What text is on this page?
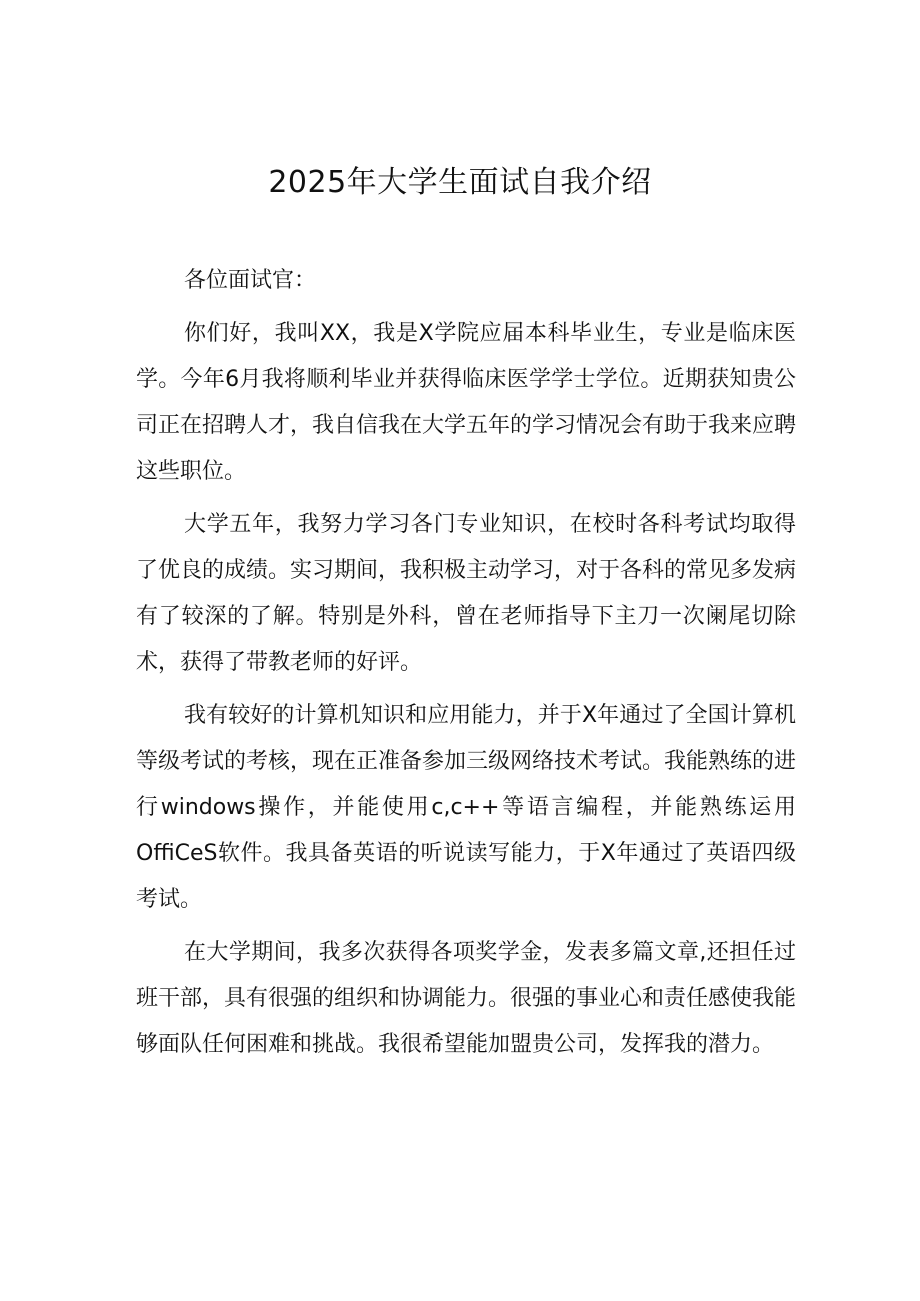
2025年大学生面试自我介绍

各位面试官：

你们好，我叫XX，我是X学院应届本科毕业生，专业是临床医学。今年6月我将顺利毕业并获得临床医学学士学位。近期获知贵公司正在招聘人才，我自信我在大学五年的学习情况会有助于我来应聘这些职位。

大学五年，我努力学习各门专业知识，在校时各科考试均取得了优良的成绩。实习期间，我积极主动学习，对于各科的常见多发病有了较深的了解。特别是外科，曾在老师指导下主刀一次阑尾切除术，获得了带教老师的好评。

我有较好的计算机知识和应用能力，并于X年通过了全国计算机等级考试的考核，现在正准备参加三级网络技术考试。我能熟练的进行windows操作，并能使用c,c++等语言编程，并能熟练运用OffiCeS软件。我具备英语的听说读写能力，于X年通过了英语四级考试。

在大学期间，我多次获得各项奖学金，发表多篇文章,还担任过班干部，具有很强的组织和协调能力。很强的事业心和责任感使我能够面队任何困难和挑战。我很希望能加盟贵公司，发挥我的潜力。
